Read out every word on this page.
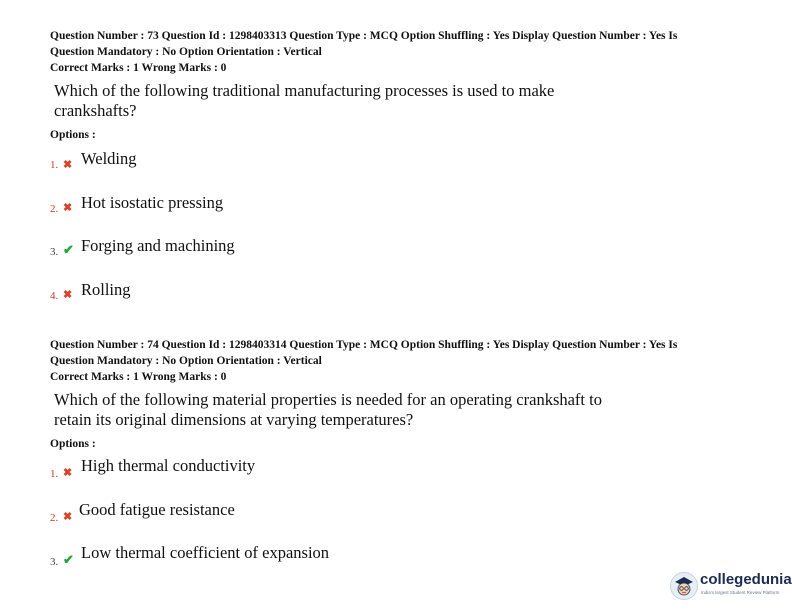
Question Number : 73 Question Id : 1298403313 Question Type : MCQ Option Shuffling : Yes Display Question Number : Yes Is
Question Mandatory : No Option Orientation : Vertical
Correct Marks : 1 Wrong Marks : 0
Which of the following traditional manufacturing processes is used to make crankshafts?
Options :
1. ✖ Welding
2. ✖ Hot isostatic pressing
3. ✔ Forging and machining
4. ✖ Rolling
Question Number : 74 Question Id : 1298403314 Question Type : MCQ Option Shuffling : Yes Display Question Number : Yes Is
Question Mandatory : No Option Orientation : Vertical
Correct Marks : 1 Wrong Marks : 0
Which of the following material properties is needed for an operating crankshaft to retain its original dimensions at varying temperatures?
Options :
1. ✖ High thermal conductivity
2. ✖ Good fatigue resistance
3. ✔ Low thermal coefficient of expansion
collegedunia
India's largest Student Review Platform
